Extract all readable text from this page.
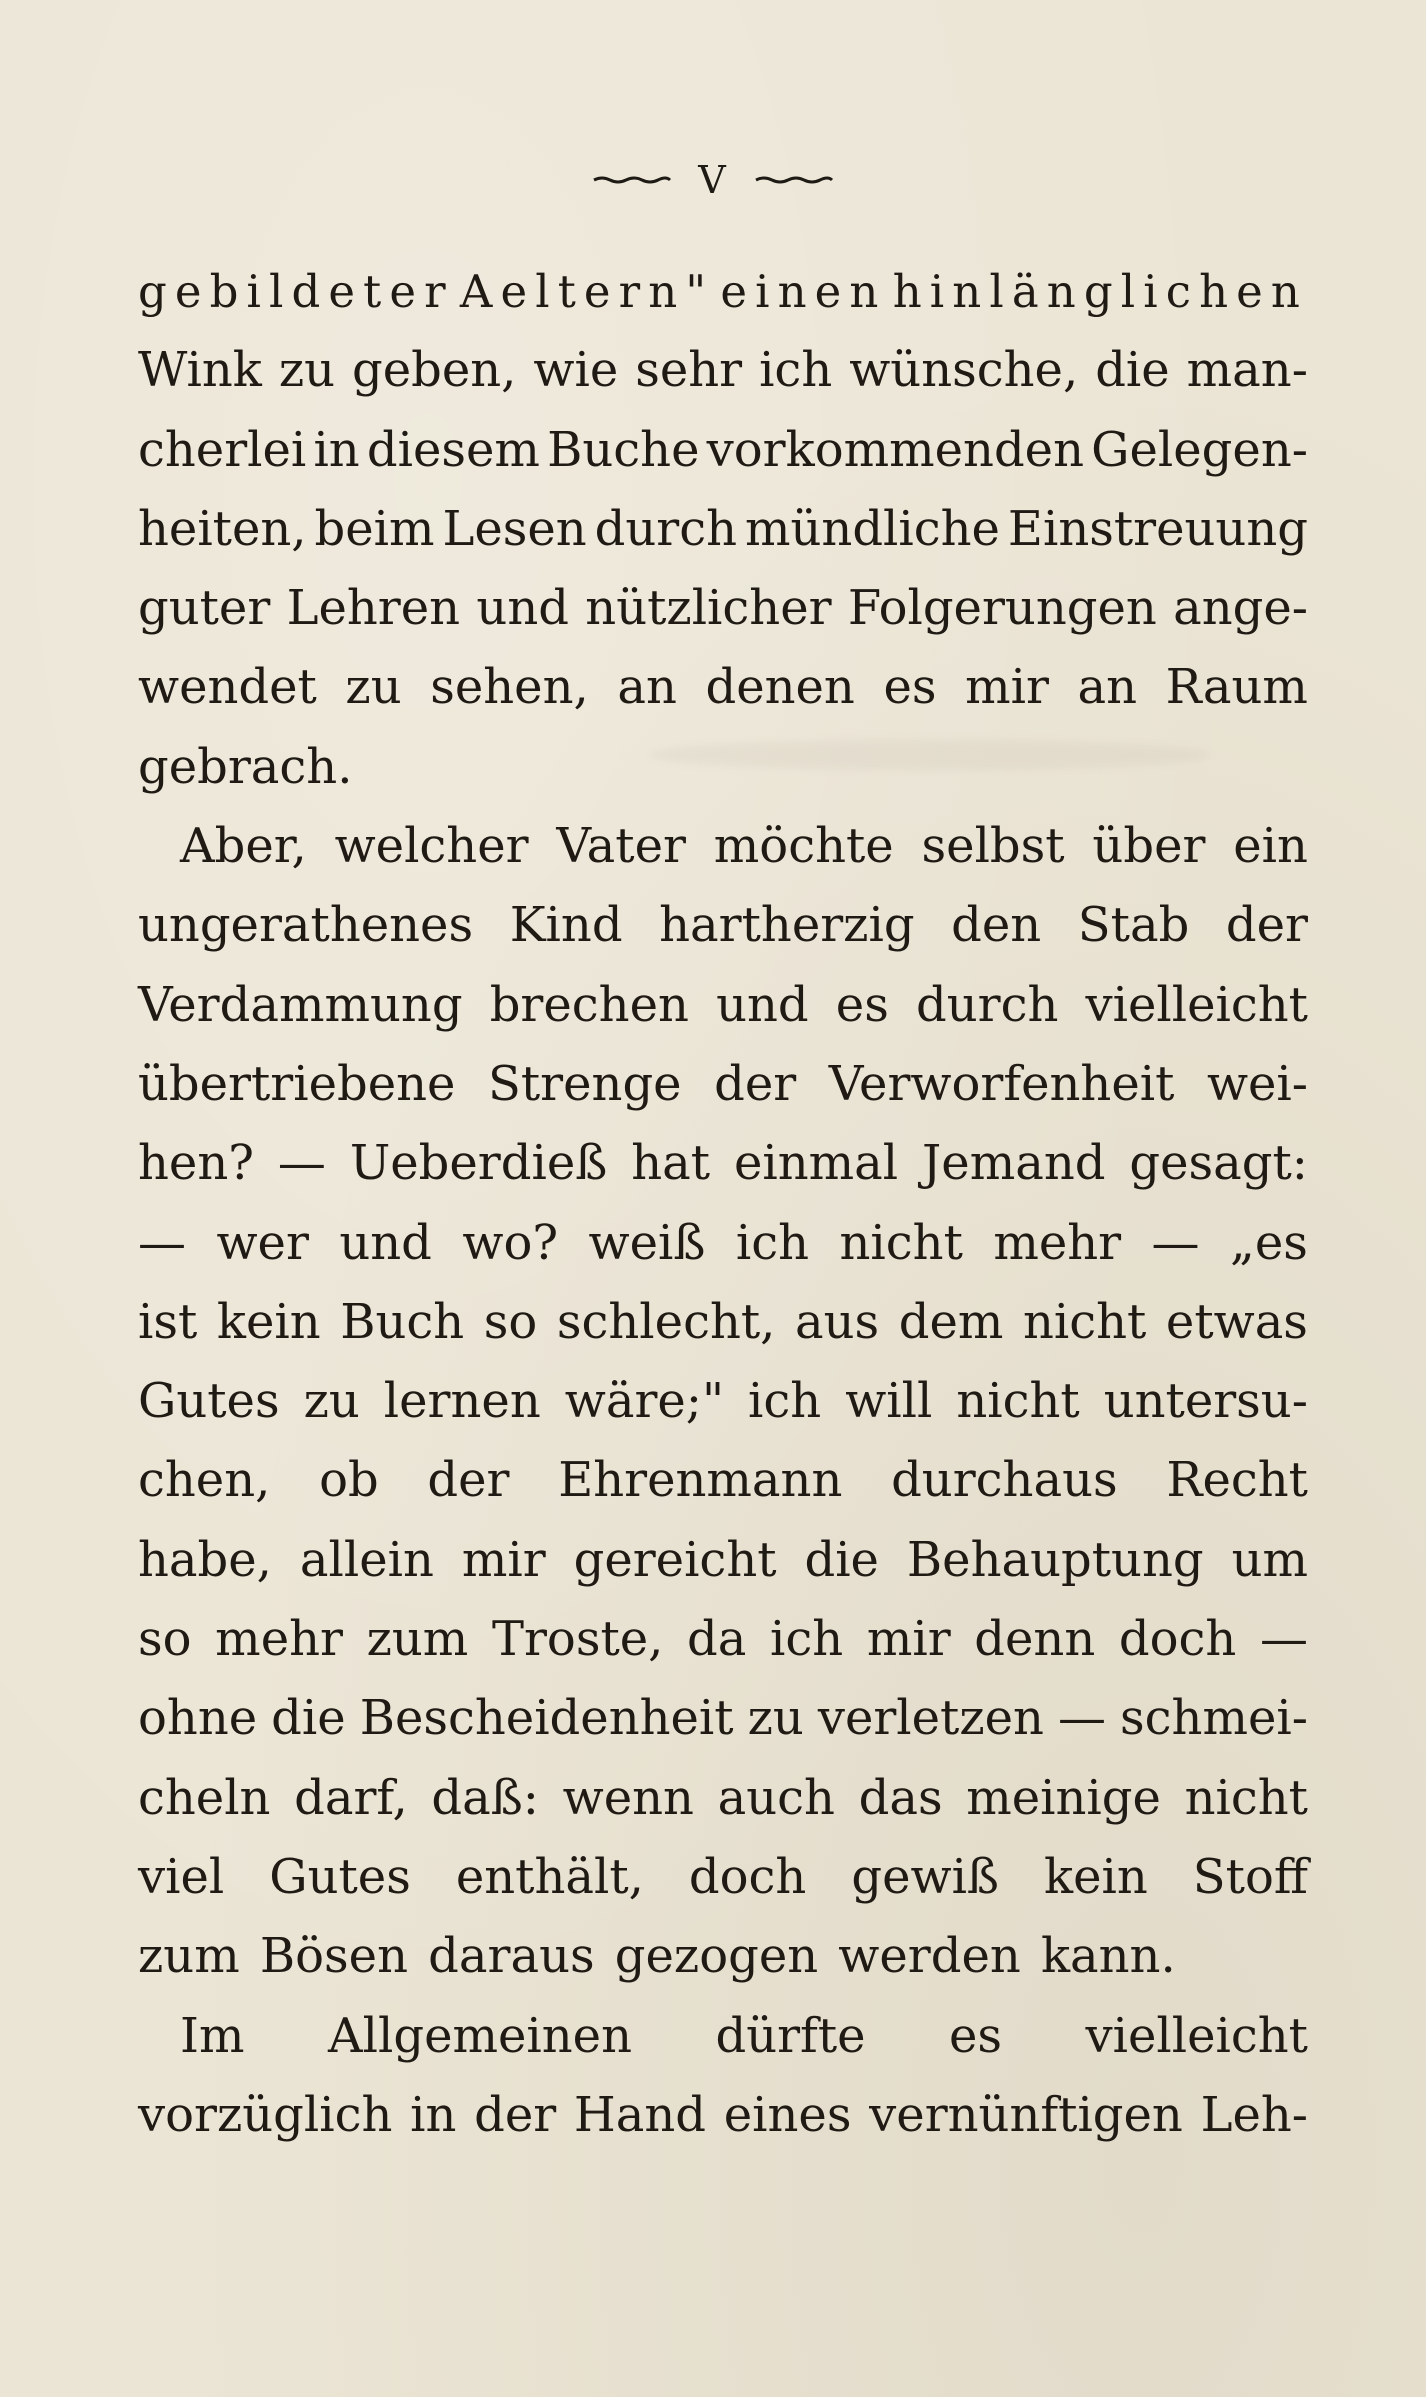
V
gebildeter Aeltern" einen hinlänglichen
Wink zu geben, wie sehr ich wünsche, die man-
cherlei in diesem Buche vorkommenden Gelegen-
heiten, beim Lesen durch mündliche Einstreuung
guter Lehren und nützlicher Folgerungen ange-
wendet zu sehen, an denen es mir an Raum
gebrach.
Aber, welcher Vater möchte selbst über ein
ungerathenes Kind hartherzig den Stab der
Verdammung brechen und es durch vielleicht
übertriebene Strenge der Verworfenheit wei-
hen? — Ueberdieß hat einmal Jemand gesagt:
— wer und wo? weiß ich nicht mehr — „es
ist kein Buch so schlecht, aus dem nicht etwas
Gutes zu lernen wäre;" ich will nicht untersu-
chen, ob der Ehrenmann durchaus Recht
habe, allein mir gereicht die Behauptung um
so mehr zum Troste, da ich mir denn doch —
ohne die Bescheidenheit zu verletzen — schmei-
cheln darf, daß: wenn auch das meinige nicht
viel Gutes enthält, doch gewiß kein Stoff
zum Bösen daraus gezogen werden kann.
Im Allgemeinen dürfte es vielleicht
vorzüglich in der Hand eines vernünftigen Leh-
